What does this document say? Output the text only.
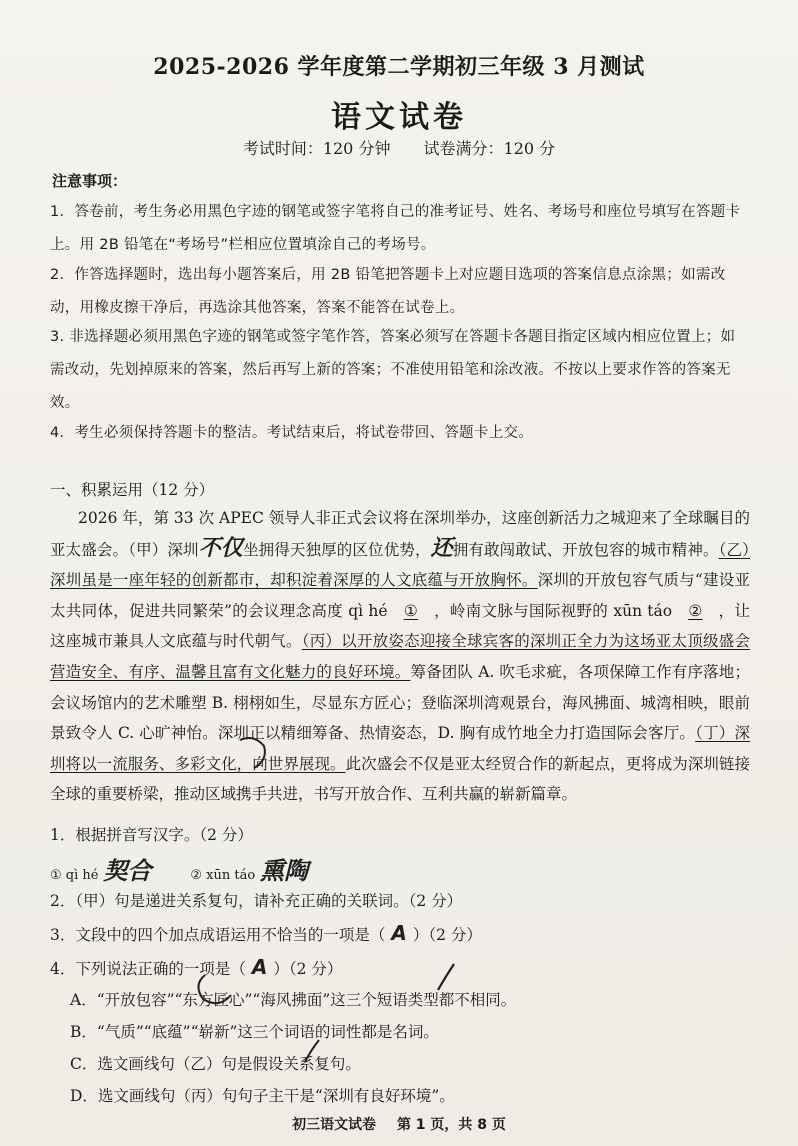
2025-2026 学年度第二学期初三年级 3 月测试
语文试卷
考试时间：120 分钟 试卷满分：120 分
注意事项：
1．答卷前，考生务必用黑色字迹的钢笔或签字笔将自己的准考证号、姓名、考场号和座位号填写在答题卡上。用 2B 铅笔在“考场号”栏相应位置填涂自己的考场号。
2．作答选择题时，选出每小题答案后，用 2B 铅笔把答题卡上对应题目选项的答案信息点涂黑；如需改动，用橡皮擦干净后，再选涂其他答案，答案不能答在试卷上。
3. 非选择题必须用黑色字迹的钢笔或签字笔作答，答案必须写在答题卡各题目指定区域内相应位置上；如需改动，先划掉原来的答案，然后再写上新的答案；不准使用铅笔和涂改液。不按以上要求作答的答案无效。
4．考生必须保持答题卡的整洁。考试结束后，将试卷带回、答题卡上交。
一、积累运用（12 分）
2026 年，第 33 次 APEC 领导人非正式会议将在深圳举办，这座创新活力之城迎来了全球瞩目的亚太盛会。（甲）深圳不仅坐拥得天独厚的区位优势，还拥有敢闯敢试、开放包容的城市精神。（乙）深圳虽是一座年轻的创新都市，却积淀着深厚的人文底蕴与开放胸怀。深圳的开放包容气质与“建设亚太共同体，促进共同繁荣”的会议理念高度 qì hé ① ，岭南文脉与国际视野的 xūn táo ② ，让这座城市兼具人文底蕴与时代朝气。（丙）以开放姿态迎接全球宾客的深圳正全力为这场亚太顶级盛会营造安全、有序、温馨且富有文化魅力的良好环境。筹备团队 A. 吹毛求疵，各项保障工作有序落地；会议场馆内的艺术雕塑 B. 栩栩如生，尽显东方匠心；登临深圳湾观景台，海风拂面、城湾相映，眼前景致令人 C. 心旷神怡。深圳正以精细筹备、热情姿态，D. 胸有成竹地全力打造国际会客厅。（丁）深圳将以一流服务、多彩文化，向世界展现。此次盛会不仅是亚太经贸合作的新起点，更将成为深圳链接全球的重要桥梁，推动区域携手共进，书写开放合作、互利共赢的崭新篇章。
1．根据拼音写汉字。（2 分）
① qì hé 契合	② xūn táo 熏陶
2．（甲）句是递进关系复句，请补充正确的关联词。（2 分）
3．文段中的四个加点成语运用不恰当的一项是（ A ）（2 分）
4．下列说法正确的一项是（ A ）（2 分）
A．“开放包容”“东方匠心”“海风拂面”这三个短语类型都不相同。
B．“气质”“底蕴”“崭新”这三个词语的词性都是名词。
C．选文画线句（乙）句是假设关系复句。
D．选文画线句（丙）句句子主干是“深圳有良好环境”。
初三语文试卷 第 1 页，共 8 页
